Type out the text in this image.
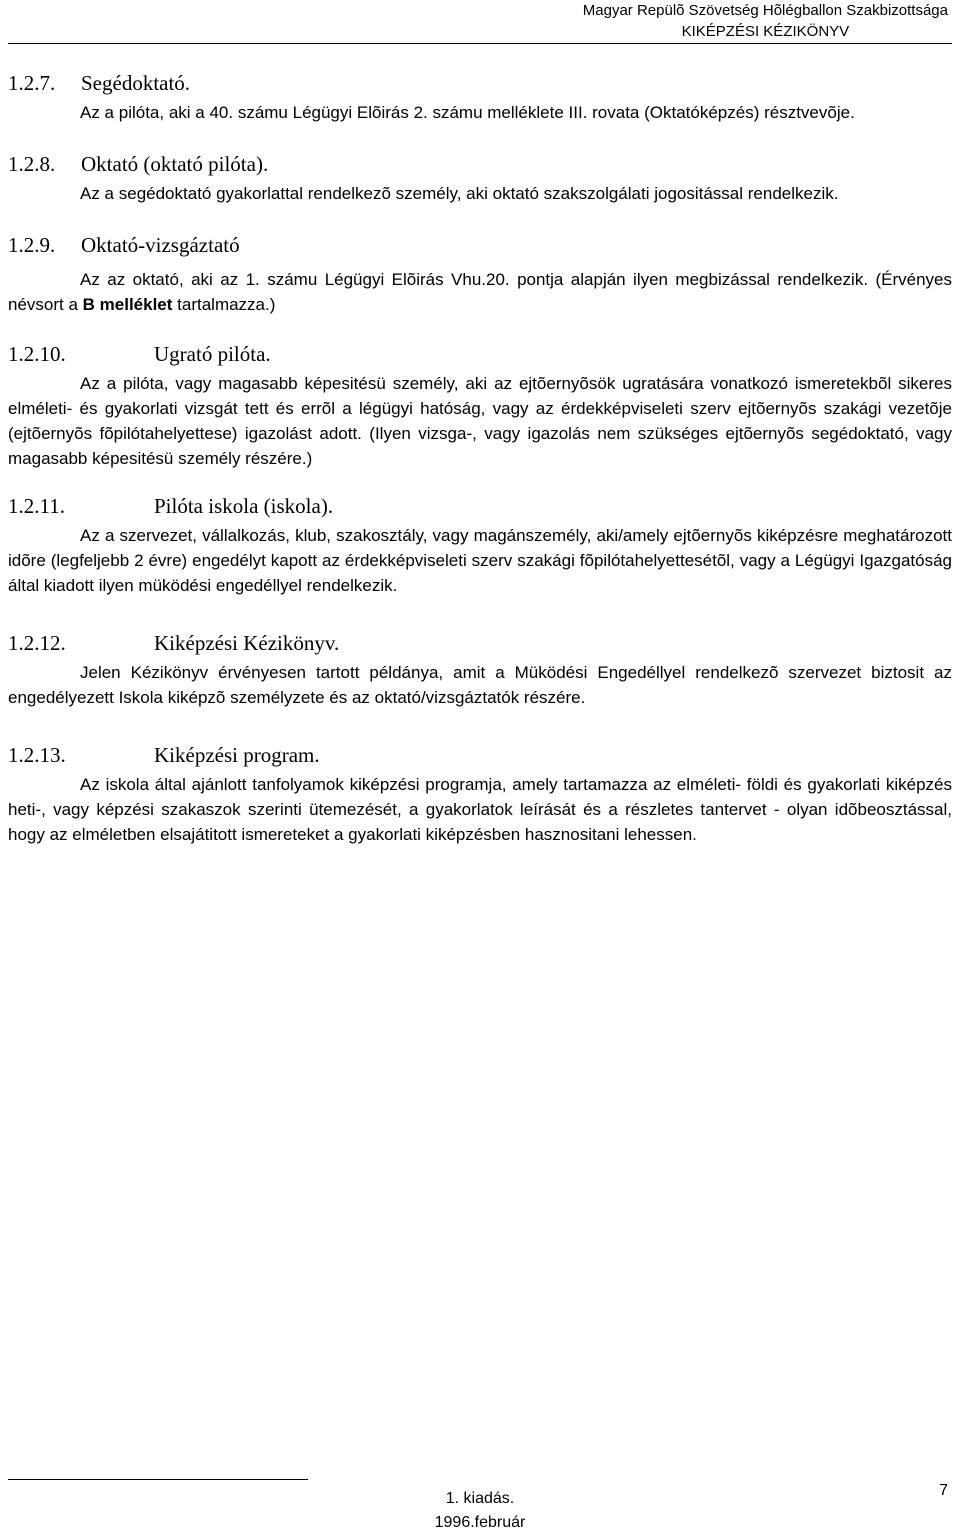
Magyar Repülõ Szövetség Hõlégballon Szakbizottsága
KIKÉPZÉSI KÉZIKÖNYV
1.2.7. Segédoktató.

Az a pilóta, aki a 40. számu Légügyi Elõirás 2. számu melléklete III. rovata (Oktatóképzés) résztvevõje.

1.2.8. Oktató (oktató pilóta).

Az a segédoktató gyakorlattal rendelkezõ személy, aki oktató szakszolgálati jogositással rendelkezik.

1.2.9. Oktató-vizsgáztató

Az az oktató, aki az 1. számu Légügyi Elõirás Vhu.20. pontja alapján ilyen megbizással rendelkezik. (Érvényes névsort a B melléklet tartalmazza.)

1.2.10.	Ugrató pilóta.

Az a pilóta, vagy magasabb képesitésü személy, aki az ejtõernyõsök ugratására vonatkozó ismeretekbõl sikeres elméleti- és gyakorlati vizsgát tett és errõl a légügyi hatóság, vagy az érdekképviseleti szerv ejtõernyõs szakági vezetõje (ejtõernyõs fõpilótahelyettese) igazolást adott. (Ilyen vizsga-, vagy igazolás nem szükséges ejtõernyõs segédoktató, vagy magasabb képesitésü személy részére.)

1.2.11.	Pilóta iskola (iskola).

Az a szervezet, vállalkozás, klub, szakosztály, vagy magánszemély, aki/amely ejtõernyõs kiképzésre meghatározott idõre (legfeljebb 2 évre) engedélyt kapott az érdekképviseleti szerv szakági fõpilótahelyettesétõl, vagy a Légügyi Igazgatóság által kiadott ilyen müködési engedéllyel rendelkezik.

1.2.12.	Kiképzési Kézikönyv.

Jelen Kézikönyv érvényesen tartott példánya, amit a Müködési Engedéllyel rendelkezõ szervezet biztosit az engedélyezett Iskola kiképzõ személyzete és az oktató/vizsgáztatók részére.

1.2.13.	Kiképzési program.

Az iskola által ajánlott tanfolyamok kiképzési programja, amely tartamazza az elméleti- földi és gyakorlati kiképzés heti-, vagy képzési szakaszok szerinti ütemezését, a gyakorlatok leírását és a részletes tantervet - olyan idõbeosztással, hogy az elméletben elsajátitott ismereteket a gyakorlati kiképzésben hasznositani lehessen.

1. kiadás.
1996.február
7
